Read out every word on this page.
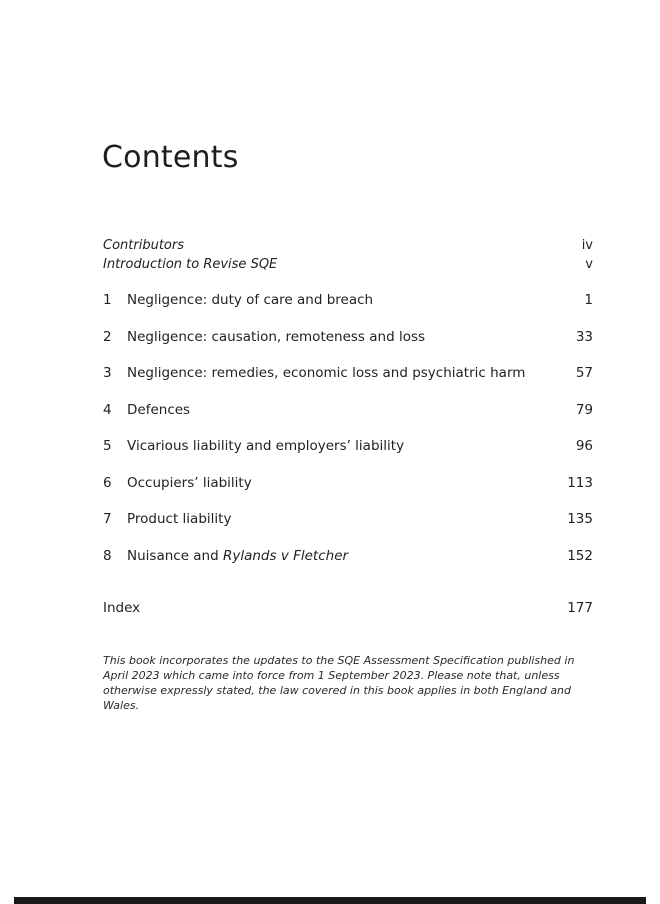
Contents
Contributors	iv
Introduction to Revise SQE	v
1	Negligence: duty of care and breach	1
2	Negligence: causation, remoteness and loss	33
3	Negligence: remedies, economic loss and psychiatric harm	57
4	Defences	79
5	Vicarious liability and employers’ liability	96
6	Occupiers’ liability	113
7	Product liability	135
8	Nuisance and Rylands v Fletcher	152
Index	177

This book incorporates the updates to the SQE Assessment Specification published in April 2023 which came into force from 1 September 2023. Please note that, unless otherwise expressly stated, the law covered in this book applies in both England and Wales.
